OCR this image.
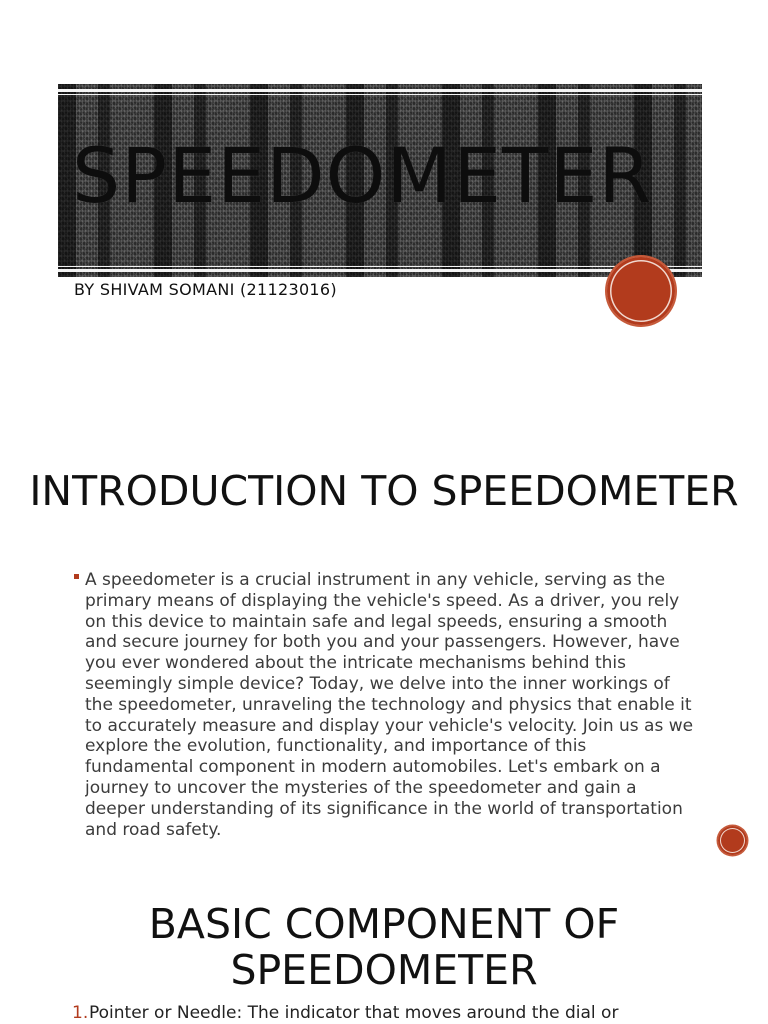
SPEEDOMETER
BY SHIVAM SOMANI (21123016)
INTRODUCTION TO SPEEDOMETER
A speedometer is a crucial instrument in any vehicle, serving as the primary means of displaying the vehicle's speed. As a driver, you rely on this device to maintain safe and legal speeds, ensuring a smooth and secure journey for both you and your passengers. However, have you ever wondered about the intricate mechanisms behind this seemingly simple device? Today, we delve into the inner workings of the speedometer, unraveling the technology and physics that enable it to accurately measure and display your vehicle's velocity. Join us as we explore the evolution, functionality, and importance of this fundamental component in modern automobiles. Let's embark on a journey to uncover the mysteries of the speedometer and gain a deeper understanding of its significance in the world of transportation and road safety.
BASIC COMPONENT OF SPEEDOMETER
1. Pointer or Needle: The indicator that moves around the dial or
